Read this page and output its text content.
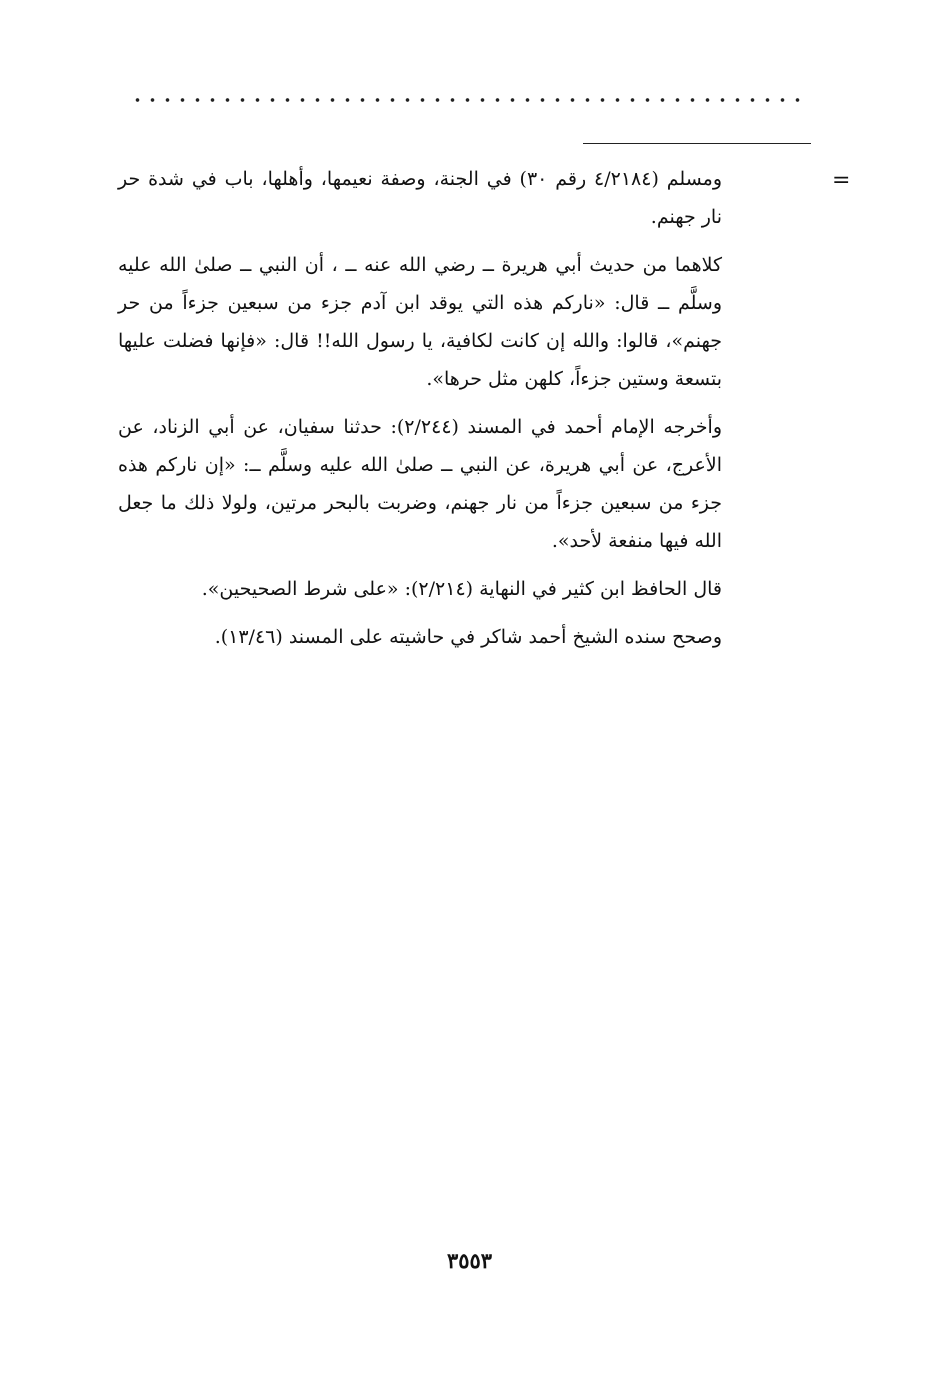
=

ومسلم (٤/٢١٨٤ رقم ٣٠) في الجنة، وصفة نعيمها، وأهلها، باب في شدة حر نار جهنم.

كلاهما من حديث أبي هريرة ــ رضي الله عنه ــ ، أن النبي ــ صلىٰ الله عليه وسلَّم ــ قال: «ناركم هذه التي يوقد ابن آدم جزء من سبعين جزءاً من حر جهنم»، قالوا: والله إن كانت لكافية، يا رسول الله!! قال: «فإنها فضلت عليها بتسعة وستين جزءاً، كلهن مثل حرها».

وأخرجه الإمام أحمد في المسند (٢/٢٤٤): حدثنا سفيان، عن أبي الزناد، عن الأعرج، عن أبي هريرة، عن النبي ــ صلىٰ الله عليه وسلَّم ــ: «إن ناركم هذه جزء من سبعين جزءاً من نار جهنم، وضربت بالبحر مرتين، ولولا ذلك ما جعل الله فيها منفعة لأحد».

قال الحافظ ابن كثير في النهاية (٢/٢١٤): «على شرط الصحيحين».

وصحح سنده الشيخ أحمد شاكر في حاشيته على المسند (١٣/٤٦).

٣٥٥٣
